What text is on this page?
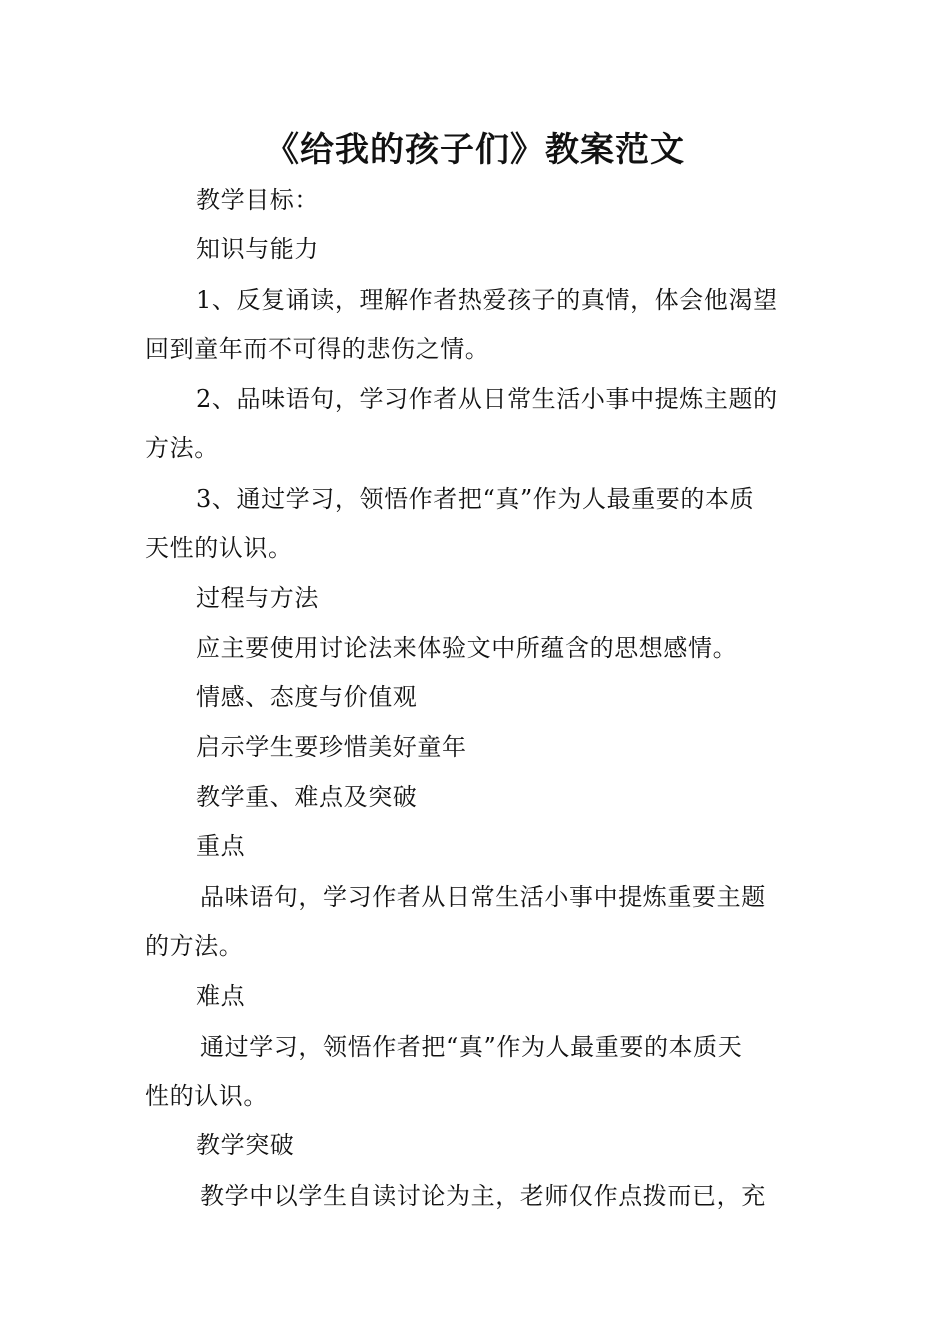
《给我的孩子们》教案范文
教学目标：
知识与能力
1、反复诵读，理解作者热爱孩子的真情，体会他渴望
回到童年而不可得的悲伤之情。
2、品味语句，学习作者从日常生活小事中提炼主题的
方法。
3、通过学习，领悟作者把“真”作为人最重要的本质
天性的认识。
过程与方法
应主要使用讨论法来体验文中所蕴含的思想感情。
情感、态度与价值观
启示学生要珍惜美好童年
教学重、难点及突破
重点
品味语句，学习作者从日常生活小事中提炼重要主题
的方法。
难点
通过学习，领悟作者把“真”作为人最重要的本质天
性的认识。
教学突破
教学中以学生自读讨论为主，老师仅作点拨而已，充
